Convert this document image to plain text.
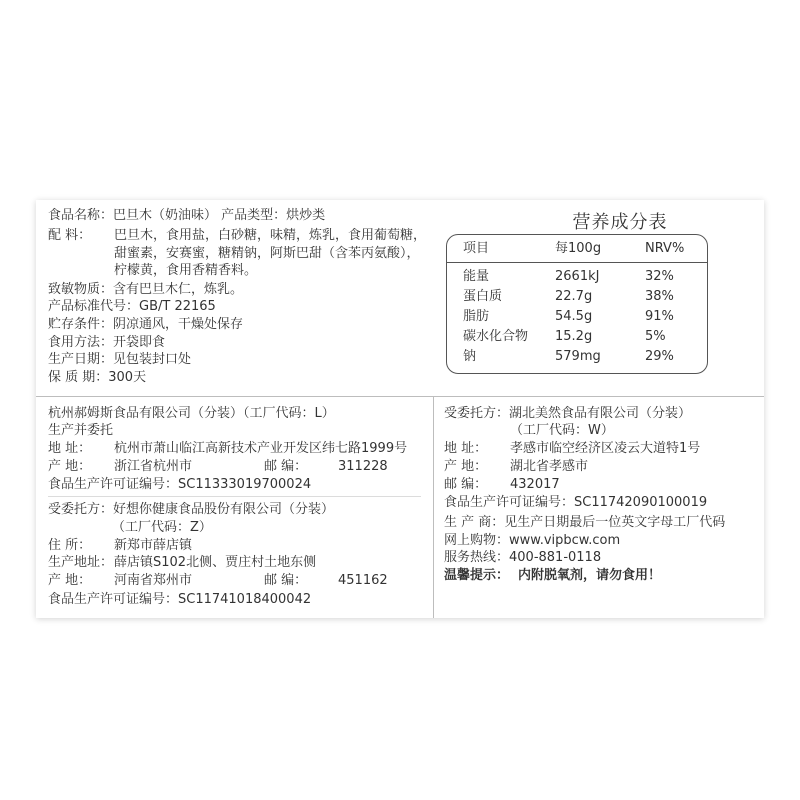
食品名称：巴旦木（奶油味） 产品类型：烘炒类
配 料： 巴旦木，食用盐，白砂糖，味精，炼乳，食用葡萄糖，
甜蜜素，安赛蜜，糖精钠，阿斯巴甜（含苯丙氨酸），
柠檬黄，食用香精香料。
致敏物质：含有巴旦木仁，炼乳。
产品标准代号：GB/T 22165
贮存条件：阴凉通风，干燥处保存
食用方法：开袋即食
生产日期：见包装封口处
保 质 期：300天
营养成分表
项目	每100g	NRV%
能量	2661kJ	32%
蛋白质	22.7g	38%
脂肪	54.5g	91%
碳水化合物 15.2g	5%
钠	579mg	29%
杭州郝姆斯食品有限公司（分装）（工厂代码：L）
生产并委托
地 址： 杭州市萧山临江高新技术产业开发区纬七路1999号
产 地： 浙江省杭州市	邮 编： 311228
食品生产许可证编号：SC11333019700024
受委托方：好想你健康食品股份有限公司（分装）
（工厂代码：Z）
住 所： 新郑市薛店镇
生产地址： 薛店镇S102北侧、贾庄村土地东侧
产 地： 河南省郑州市	邮 编： 451162
食品生产许可证编号：SC11741018400042
受委托方：湖北美然食品有限公司（分装）
（工厂代码：W）
地 址： 孝感市临空经济区凌云大道特1号
产 地： 湖北省孝感市
邮 编： 432017
食品生产许可证编号：SC11742090100019
生 产 商：见生产日期最后一位英文字母工厂代码
网上购物：www.vipbcw.com
服务热线：400-881-0118
温馨提示： 内附脱氧剂，请勿食用！
